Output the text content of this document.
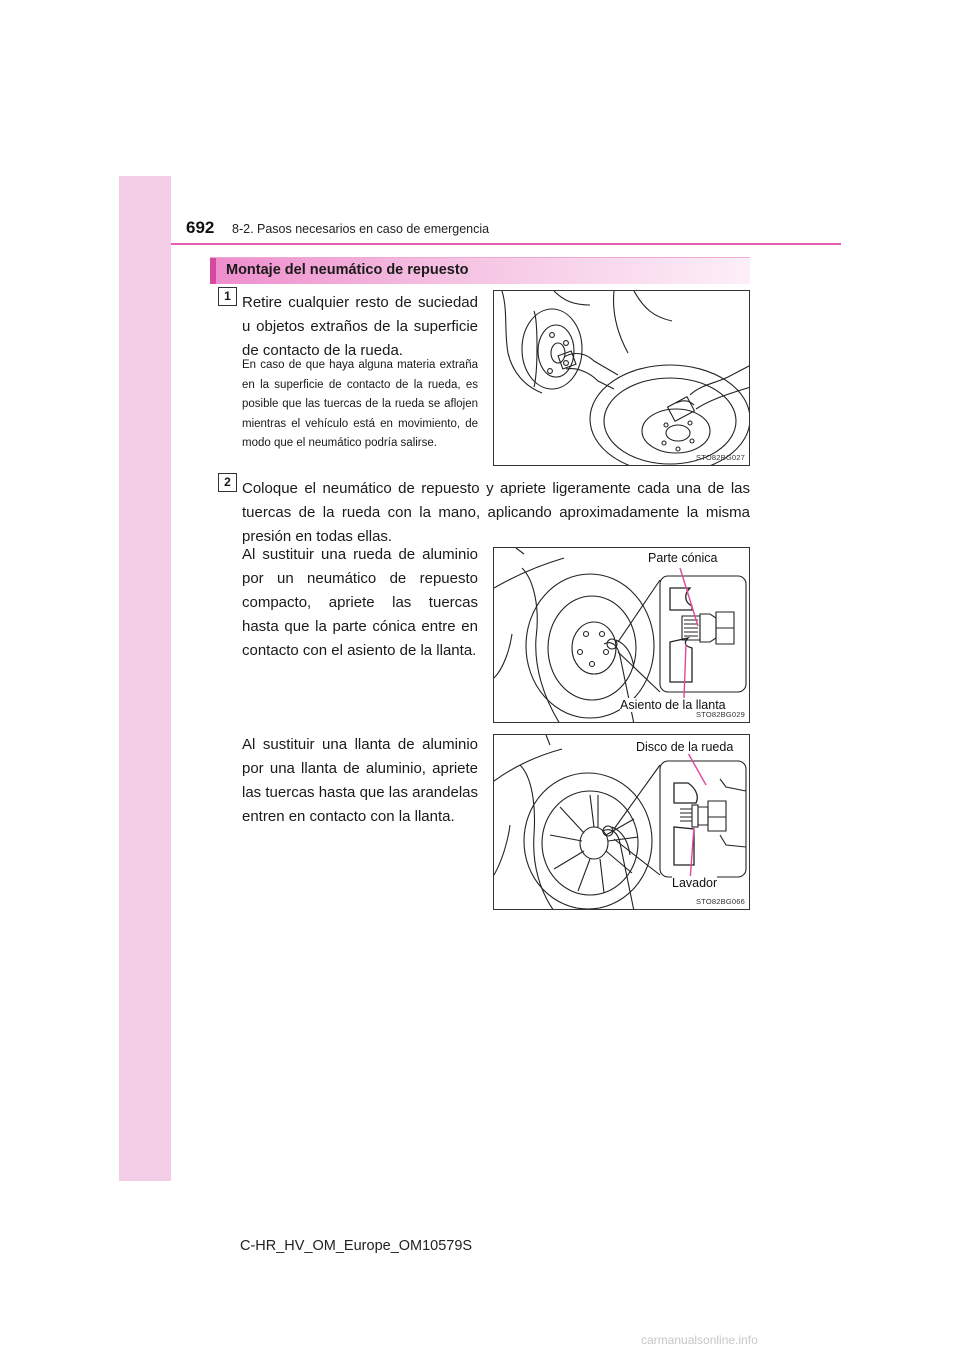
692 8-2. Pasos necesarios en caso de emergencia
Montaje del neumático de repuesto
1 Retire cualquier resto de suciedad u objetos extraños de la superficie de contacto de la rueda.
En caso de que haya alguna materia extraña en la superficie de contacto de la rueda, es posible que las tuercas de la rueda se aflojen mientras el vehículo está en movimiento, de modo que el neumático podría salirse.
STO82BG027
2 Coloque el neumático de repuesto y apriete ligeramente cada una de las tuercas de la rueda con la mano, aplicando aproximadamente la misma presión en todas ellas.
Al sustituir una rueda de aluminio por un neumático de repuesto compacto, apriete las tuercas hasta que la parte cónica entre en contacto con el asiento de la llanta.
Parte cónica
Asiento de la llanta
STO82BG029
Al sustituir una llanta de aluminio por una llanta de aluminio, apriete las tuercas hasta que las arandelas entren en contacto con la llanta.
Disco de la rueda
Lavador
STO82BG066
C-HR_HV_OM_Europe_OM10579S
carmanualsonline.info
